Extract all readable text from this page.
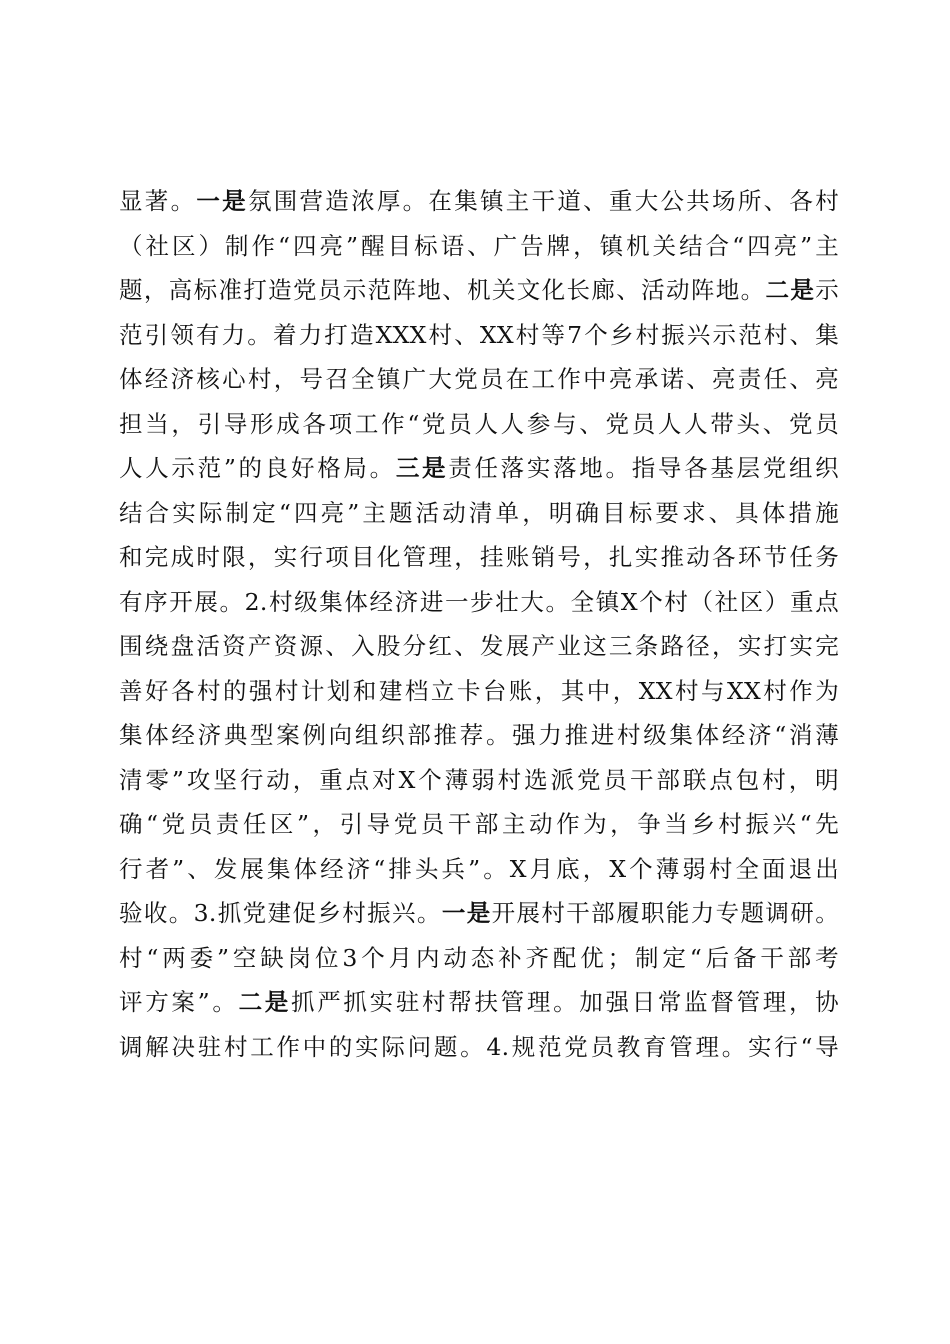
显著。一是氛围营造浓厚。在集镇主干道、重大公共场所、各村
（社区）制作“四亮”醒目标语、广告牌，镇机关结合“四亮”主
题，高标准打造党员示范阵地、机关文化长廊、活动阵地。二是示
范引领有力。着力打造XXX村、XX村等7个乡村振兴示范村、集
体经济核心村，号召全镇广大党员在工作中亮承诺、亮责任、亮
担当，引导形成各项工作“党员人人参与、党员人人带头、党员
人人示范”的良好格局。三是责任落实落地。指导各基层党组织
结合实际制定“四亮”主题活动清单，明确目标要求、具体措施
和完成时限，实行项目化管理，挂账销号，扎实推动各环节任务
有序开展。2.村级集体经济进一步壮大。全镇X个村（社区）重点
围绕盘活资产资源、入股分红、发展产业这三条路径，实打实完
善好各村的强村计划和建档立卡台账，其中，XX村与XX村作为
集体经济典型案例向组织部推荐。强力推进村级集体经济“消薄
清零”攻坚行动，重点对X个薄弱村选派党员干部联点包村，明
确“党员责任区”，引导党员干部主动作为，争当乡村振兴“先
行者”、发展集体经济“排头兵”。X月底，X个薄弱村全面退出
验收。3.抓党建促乡村振兴。一是开展村干部履职能力专题调研。
村“两委”空缺岗位3个月内动态补齐配优；制定“后备干部考
评方案”。二是抓严抓实驻村帮扶管理。加强日常监督管理，协
调解决驻村工作中的实际问题。4.规范党员教育管理。实行“导
